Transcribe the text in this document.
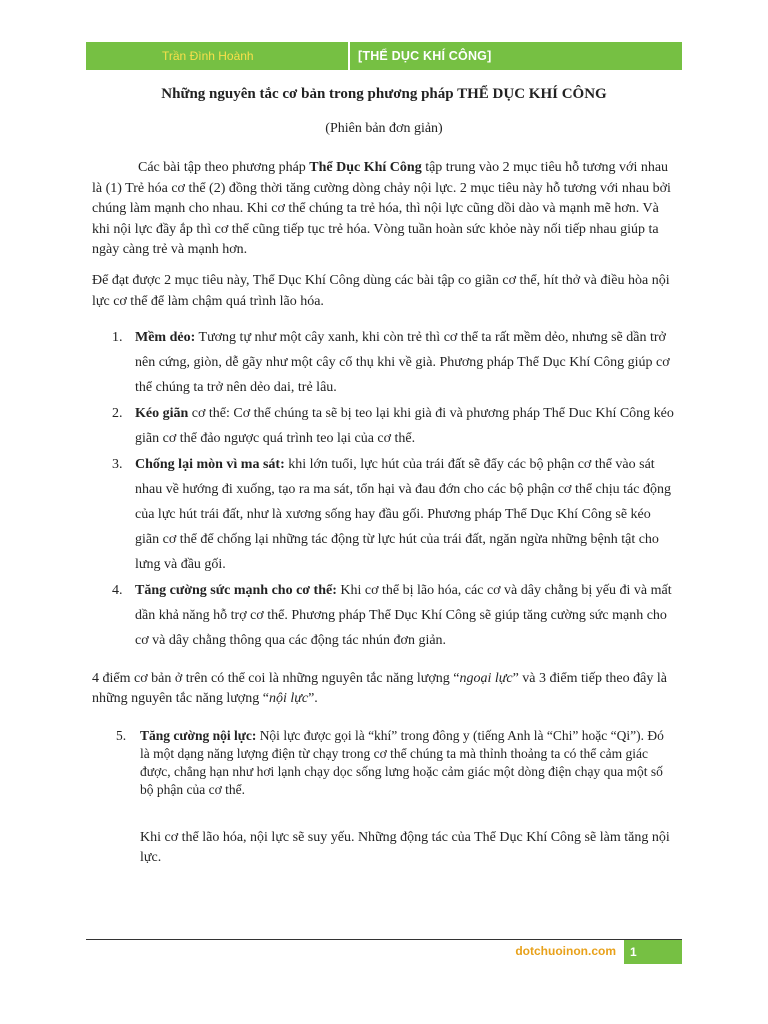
Trần Đình Hoành	[THỂ DỤC KHÍ CÔNG]
Những nguyên tắc cơ bản trong phương pháp THỂ DỤC KHÍ CÔNG
(Phiên bản đơn giản)
Các bài tập theo phương pháp Thể Dục Khí Công tập trung vào 2 mục tiêu hỗ tương với nhau là (1) Trẻ hóa cơ thể (2) đồng thời tăng cường dòng chảy nội lực. 2 mục tiêu này hỗ tương với nhau bởi chúng làm mạnh cho nhau. Khi cơ thể chúng ta trẻ hóa, thì nội lực cũng dồi dào và mạnh mẽ hơn. Và khi nội lực đầy ắp thì cơ thể cũng tiếp tục trẻ hóa. Vòng tuần hoàn sức khỏe này nối tiếp nhau giúp ta ngày càng trẻ và mạnh hơn.
Để đạt được 2 mục tiêu này, Thể Dục Khí Công dùng các bài tập co giãn cơ thể, hít thở và điều hòa nội lực cơ thể để làm chậm quá trình lão hóa.
1. Mềm dẻo: Tương tự như một cây xanh, khi còn trẻ thì cơ thể ta rất mềm dẻo, nhưng sẽ dần trở nên cứng, giòn, dễ gãy như một cây cổ thụ khi về già. Phương pháp Thể Dục Khí Công giúp cơ thể chúng ta trở nên dẻo dai, trẻ lâu.
2. Kéo giãn cơ thể: Cơ thể chúng ta sẽ bị teo lại khi già đi và phương pháp Thể Duc Khí Công kéo giãn cơ thể đảo ngược quá trình teo lại của cơ thể.
3. Chống lại mòn vì ma sát: khi lớn tuổi, lực hút của trái đất sẽ đẩy các bộ phận cơ thể vào sát nhau về hướng đi xuống, tạo ra ma sát, tổn hại và đau đớn cho các bộ phận cơ thể chịu tác động của lực hút trái đất, như là xương sống hay đầu gối. Phương pháp Thể Dục Khí Công sẽ kéo giãn cơ thể để chống lại những tác động từ lực hút của trái đất, ngăn ngừa những bệnh tật cho lưng và đầu gối.
4. Tăng cường sức mạnh cho cơ thể: Khi cơ thể bị lão hóa, các cơ và dây chằng bị yếu đi và mất dần khả năng hỗ trợ cơ thể. Phương pháp Thể Dục Khí Công sẽ giúp tăng cường sức mạnh cho cơ và dây chằng thông qua các động tác nhún đơn giản.
4 điểm cơ bản ở trên có thể coi là những nguyên tắc năng lượng “ngoại lực” và 3 điểm tiếp theo đây là những nguyên tắc năng lượng “nội lực”.
5.	Tăng cường nội lực: Nội lực được gọi là “khí” trong đông y (tiếng Anh là “Chi” hoặc “Qi”). Đó là một dạng năng lượng điện từ chạy trong cơ thể chúng ta mà thỉnh thoảng ta có thể cảm giác được, chẳng hạn như hơi lạnh chạy dọc sống lưng hoặc cảm giác một dòng điện chạy qua một số bộ phận của cơ thể.
Khi cơ thể lão hóa, nội lực sẽ suy yếu. Những động tác của Thể Dục Khí Công sẽ làm tăng nội lực.
dotchuoinon.com	1
